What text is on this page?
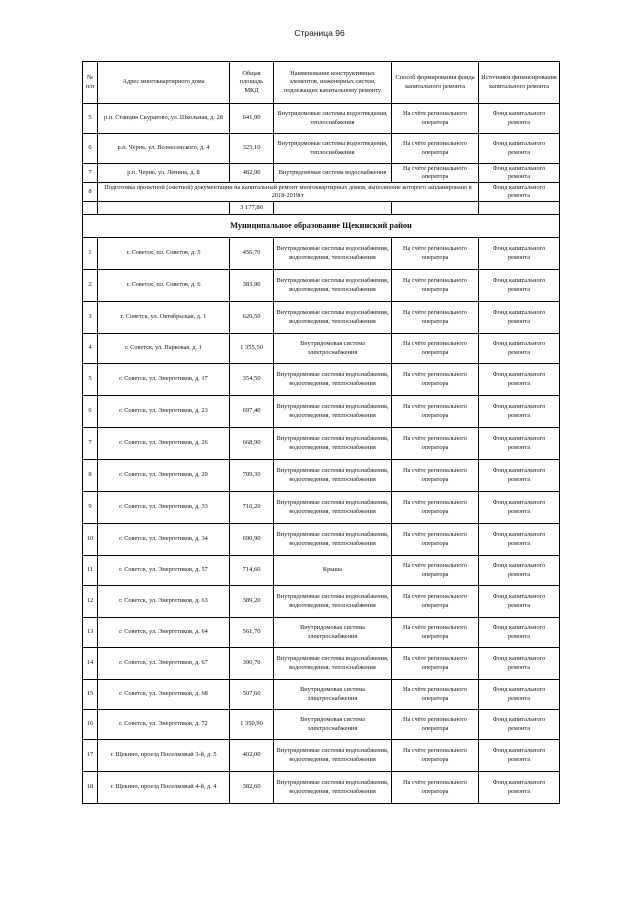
Страница 96
№ п/п	Адрес многоквартирного дома	Общая площадь МКД	Наименование конструктивных элементов, инженерных систем, подлежащих капитальному ремонту	Способ формирования фонда капитального ремонта	Источники финансирования капитального ремонта
5	р.п. Станция Скуратово, ул. Школьная, д. 28	641,90	Внутридомовые системы водоотведения, теплоснабжения	На счёте регионального оператора	Фонд капитального ремонта
6	р.п. Чернь, ул. Вознесенского, д. 4	323,10	Внутридомовые системы водоотведения, теплоснабжения	На счёте регионального оператора	Фонд капитального ремонта
7	р.п. Чернь, ул. Ленина, д. 8	482,90	Внутридомовая система водоснабжения	На счёте регионального оператора	Фонд капитального ремонта
8	Подготовка проектной (сметной) документации на капитальный ремонт многоквартирных домов, выполнение которого запланировано в 2018-2019гг				Фонд капитального ремонта
		3 177,80			
Муниципальное образование Щекинский район					
1	г. Советск, пл. Советов, д. 5	456,70	Внутридомовые системы водоснабжения, водоотведения, теплоснабжения	На счёте регионального оператора	Фонд капитального ремонта
2	г. Советск, пл. Советов, д. 6	383,90	Внутридомовые системы водоснабжения, водоотведения, теплоснабжения	На счёте регионального оператора	Фонд капитального ремонта
3	г. Советск, ул. Октябрьская, д. 1	620,50	Внутридомовые системы водоснабжения, водоотведения, теплоснабжения	На счёте регионального оператора	Фонд капитального ремонта
4	г. Советск, ул. Парковая, д. 1	1 355,50	Внутридомовая система электроснабжения	На счёте регионального оператора	Фонд капитального ремонта
5	г. Советск, ул. Энергетиков, д. 17	354,50	Внутридомовые системы водоснабжения, водоотведения, теплоснабжения	На счёте регионального оператора	Фонд капитального ремонта
6	г. Советск, ул. Энергетиков, д. 23	697,40	Внутридомовые системы водоснабжения, водоотведения, теплоснабжения	На счёте регионального оператора	Фонд капитального ремонта
7	г. Советск, ул. Энергетиков, д. 26	668,90	Внутридомовые системы водоснабжения, водоотведения, теплоснабжения	На счёте регионального оператора	Фонд капитального ремонта
8	г. Советск, ул. Энергетиков, д. 29	709,30	Внутридомовые системы водоснабжения, водоотведения, теплоснабжения	На счёте регионального оператора	Фонд капитального ремонта
9	г. Советск, ул. Энергетиков, д. 33	710,20	Внутридомовые системы водоснабжения, водоотведения, теплоснабжения	На счёте регионального оператора	Фонд капитального ремонта
10	г. Советск, ул. Энергетиков, д. 34	690,90	Внутридомовые системы водоснабжения, водоотведения, теплоснабжения	На счёте регионального оператора	Фонд капитального ремонта
11	г. Советск, ул. Энергетиков, д. 57	714,60	Крыша	На счёте регионального оператора	Фонд капитального ремонта
12	г. Советск, ул. Энергетиков, д. 63	389,20	Внутридомовые системы водоснабжения, водоотведения, теплоснабжения	На счёте регионального оператора	Фонд капитального ремонта
13	г. Советск, ул. Энергетиков, д. 64	561,70	Внутридомовая система электроснабжения	На счёте регионального оператора	Фонд капитального ремонта
14	г. Советск, ул. Энергетиков, д. 67	390,70	Внутридомовые системы водоснабжения, водоотведения, теплоснабжения	На счёте регионального оператора	Фонд капитального ремонта
15	г. Советск, ул. Энергетиков, д. 68	507,60	Внутридомовая система электроснабжения	На счёте регионального оператора	Фонд капитального ремонта
16	г. Советск, ул. Энергетиков, д. 72	1 350,90	Внутридомовая система электроснабжения	На счёте регионального оператора	Фонд капитального ремонта
17	г. Щекино, проезд Поселковый 3-й, д. 5	402,00	Внутридомовые системы водоснабжения, водоотведения, теплоснабжения	На счёте регионального оператора	Фонд капитального ремонта
18	г. Щекино, проезд Поселковый 4-й, д. 4	382,60	Внутридомовые системы водоснабжения, водоотведения, теплоснабжения	На счёте регионального оператора	Фонд капитального ремонта
